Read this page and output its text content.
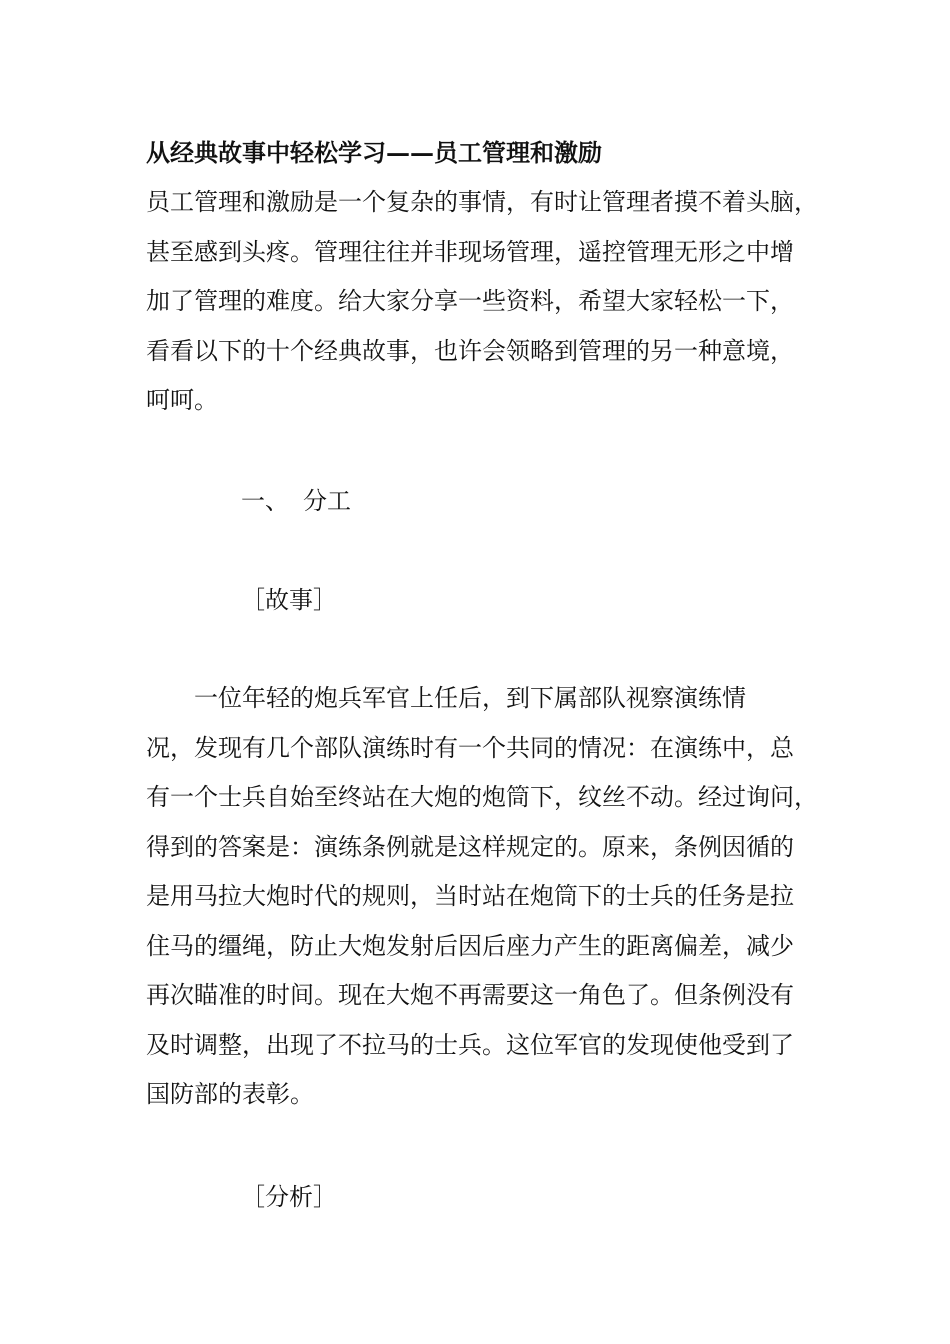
从经典故事中轻松学习——员工管理和激励
员工管理和激励是一个复杂的事情，有时让管理者摸不着头脑，
甚至感到头疼。管理往往并非现场管理，遥控管理无形之中增
加了管理的难度。给大家分享一些资料，希望大家轻松一下，
看看以下的十个经典故事，也许会领略到管理的另一种意境，
呵呵。
一、 分工
［故事］
　　一位年轻的炮兵军官上任后，到下属部队视察演练情
况，发现有几个部队演练时有一个共同的情况：在演练中，总
有一个士兵自始至终站在大炮的炮筒下，纹丝不动。经过询问，
得到的答案是：演练条例就是这样规定的。原来，条例因循的
是用马拉大炮时代的规则，当时站在炮筒下的士兵的任务是拉
住马的缰绳，防止大炮发射后因后座力产生的距离偏差，减少
再次瞄准的时间。现在大炮不再需要这一角色了。但条例没有
及时调整，出现了不拉马的士兵。这位军官的发现使他受到了
国防部的表彰。
［分析］
